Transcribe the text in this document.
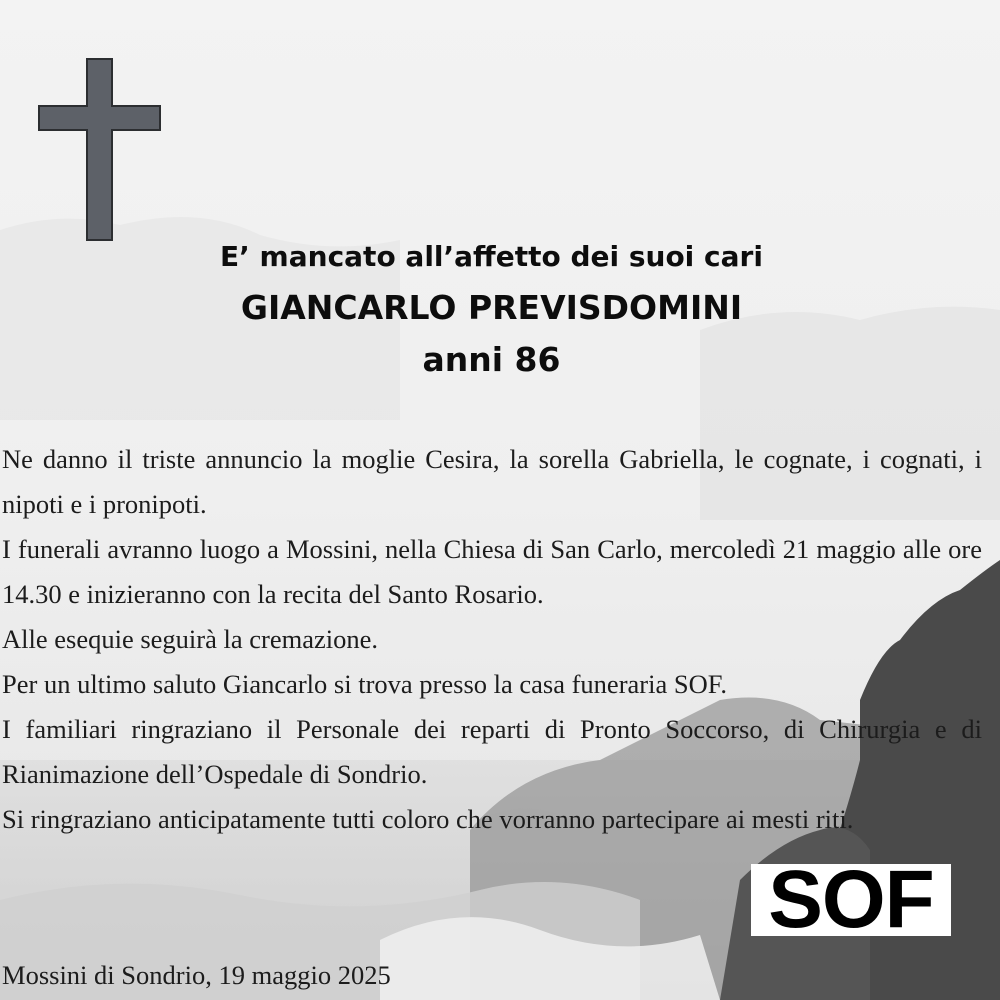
E’ mancato all’affetto dei suoi cari
GIANCARLO PREVISDOMINI
anni 86

Ne danno il triste annuncio la moglie Cesira, la sorella Gabriella, le cognate, i cognati, i nipoti e i pronipoti.

I funerali avranno luogo a Mossini, nella Chiesa di San Carlo, mercoledì 21 maggio alle ore 14.30 e inizieranno con la recita del Santo Rosario.

Alle esequie seguirà la cremazione.

Per un ultimo saluto Giancarlo si trova presso la casa funeraria SOF.

I familiari ringraziano il Personale dei reparti di Pronto Soccorso, di Chirurgia e di Rianimazione dell’Ospedale di Sondrio.

Si ringraziano anticipatamente tutti coloro che vorranno partecipare ai mesti riti.

Mossini di Sondrio, 19 maggio 2025
SOF
